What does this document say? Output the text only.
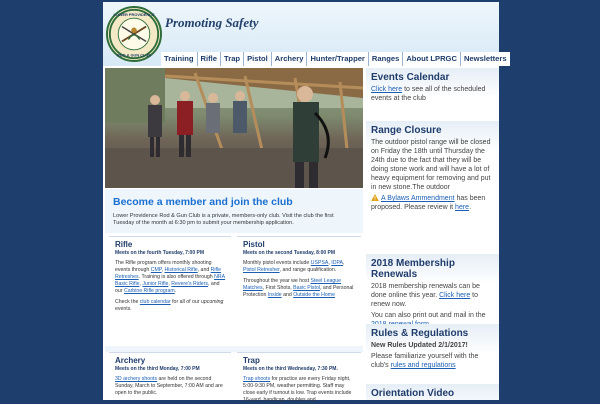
LOWER PROVIDENCE
ROD & GUN CLUB
Promoting Safety
Training Rifle Trap Pistol Archery Hunter/Trapper Ranges About LPRGC Newsletters
Become a member and join the club
Lower Providence Rod & Gun Club is a private, members-only club. Visit the club the first Tuesday of the month at 6:30 pm to submit your membership application.
Rifle
Meets on the fourth Tuesday, 7:00 PM

The Rifle program offers monthly shooting events through CMP, Historical Rifle, and Rifle Retreshes. Training is also offered through NRA Basic Rifle, Junior Rifle, Revere's Riders, and our Carbine Rifle program.

Check the club calendar for all of our upcoming events.

Pistol
Meets on the second Tuesday, 8:00 PM

Monthly pistol events include USPSA, IDPA, Pistol Retresher, and range qualification.

Throughout the year we host Steel League Matches, First Shots, Basic Pistol, and Personal Protection Inside and Outside the Home

Archery
Meets on the third Monday, 7:00 PM

3D archery shoots are held on the second Sunday, March to September, 7:00 AM and are open to the public.

Trap
Meets on the third Wednesday, 7:30 PM.

Trap shoots for practice are every Friday night, 5:00-9:30 PM, weather permitting. Staff may close early if turnout is low. Trap events include 16-yard, handicap, doubles and

Events Calendar

Click here to see all of the scheduled events at the club

Range Closure

The outdoor pistol range will be closed on Friday the 18th until Thursday the 24th due to the fact that they will be doing stone work and will have a lot of heavy equipment for removing and put in new stone.The outdoor

A Bylaws Ammendment has been proposed. Please review it here.

2018 Membership Renewals

2018 membership renewals can be done online this year. Click here to renew now.

You can also print out and mail in the

Rules & Regulations

New Rules Updated 2/1/2017!

Please familiarize yourself with the club's rules and regulations

Orientation Video
